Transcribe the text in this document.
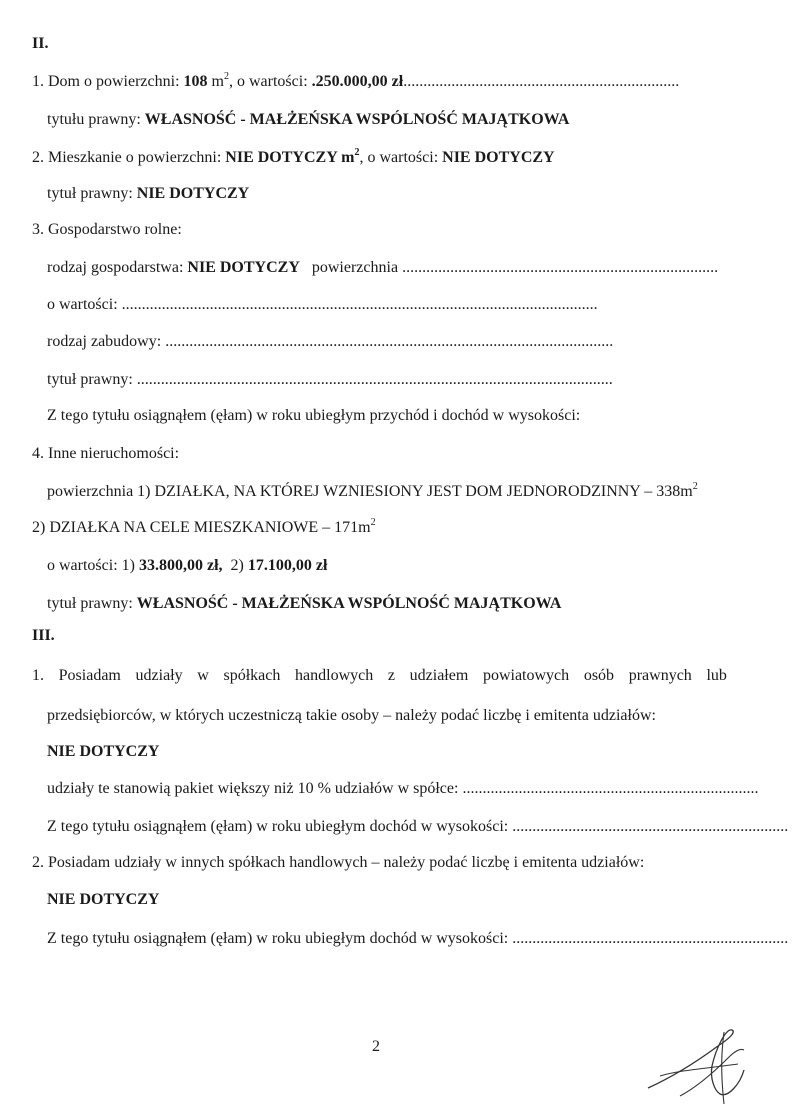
II.
1. Dom o powierzchni: 108 $m^2$, o wartości: .250.000,00 zł.....................................................................
tytułu prawny: WŁASNOŚĆ - MAŁŻEŃSKA WSPÓLNOŚĆ MAJĄTKOWA
2. Mieszkanie o powierzchni: NIE DOTYCZY $m^2$, o wartości: NIE DOTYCZY
tytuł prawny: NIE DOTYCZY
3. Gospodarstwo rolne:
rodzaj gospodarstwa: NIE DOTYCZY powierzchnia ...............................................................................
o wartości: .......................................................................................................................
rodzaj zabudowy: ................................................................................................................
tytuł prawny: .......................................................................................................................
Z tego tytułu osiągnąłem (ęłam) w roku ubiegłym przychód i dochód w wysokości:
4. Inne nieruchomości:
powierzchnia 1) DZIAŁKA, NA KTÓREJ WZNIESIONY JEST DOM JEDNORODZINNY – $338m^2$
2) DZIAŁKA NA CELE MIESZKANIOWE – $171m^2$
o wartości: 1) 33.800,00 zł, 2) 17.100,00 zł
tytuł prawny: WŁASNOŚĆ - MAŁŻEŃSKA WSPÓLNOŚĆ MAJĄTKOWA
III.
1. Posiadam udziały w spółkach handlowych z udziałem powiatowych osób prawnych lub
przedsiębiorców, w których uczestniczą takie osoby – należy podać liczbę i emitenta udziałów:
NIE DOTYCZY
udziały te stanowią pakiet większy niż 10 % udziałów w spółce: ..........................................................................
Z tego tytułu osiągnąłem (ęłam) w roku ubiegłym dochód w wysokości: .....................................................................
2. Posiadam udziały w innych spółkach handlowych – należy podać liczbę i emitenta udziałów:
NIE DOTYCZY
Z tego tytułu osiągnąłem (ęłam) w roku ubiegłym dochód w wysokości: .....................................................................
2
